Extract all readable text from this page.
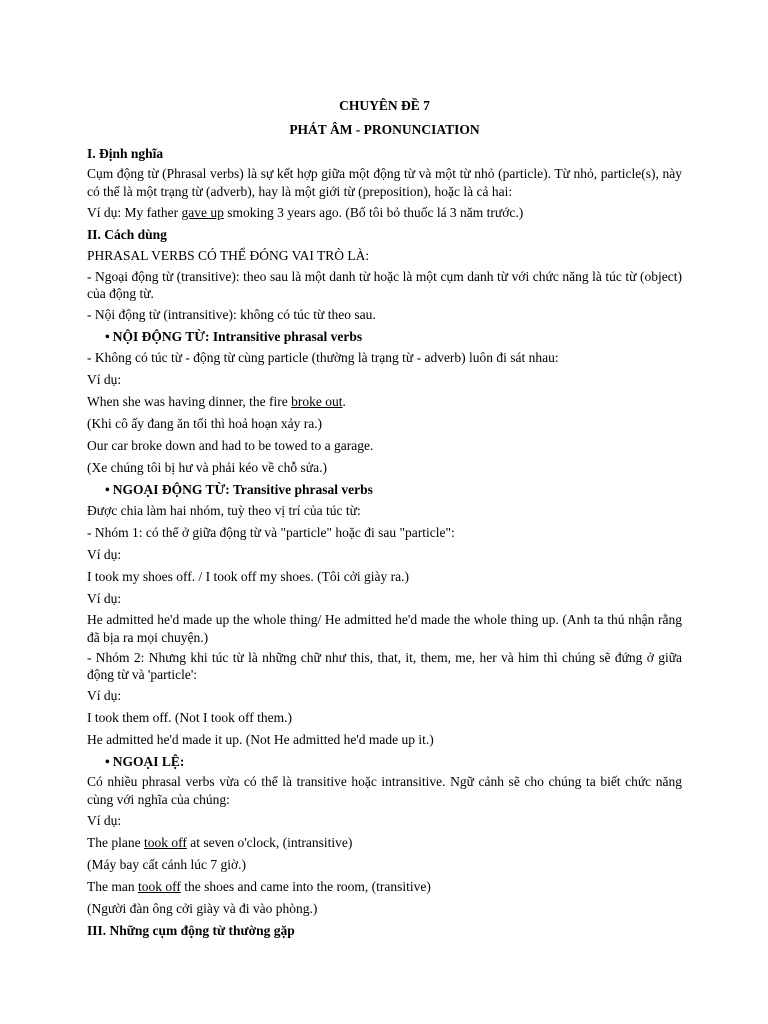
CHUYÊN ĐỀ 7

PHÁT ÂM - PRONUNCIATION

I. Định nghĩa

Cụm động từ (Phrasal verbs) là sự kết hợp giữa một động từ và một từ nhỏ (particle). Từ nhỏ, particle(s), này có thể là một trạng từ (adverb), hay là một giới từ (preposition), hoặc là cả hai:

Ví dụ: My father gave up smoking 3 years ago. (Bố tôi bỏ thuốc lá 3 năm trước.)

II. Cách dùng

PHRASAL VERBS CÓ THỂ ĐÓNG VAI TRÒ LÀ:

- Ngoại động từ (transitive): theo sau là một danh từ hoặc là một cụm danh từ với chức năng là túc từ (object) của động từ.

- Nội động từ (intransitive): không có túc từ theo sau.

• NỘI ĐỘNG TỪ: Intransitive phrasal verbs

- Không có túc từ - động từ cùng particle (thường là trạng từ - adverb) luôn đi sát nhau:

Ví dụ:

When she was having dinner, the fire broke out.

(Khi cô ấy đang ăn tối thì hoả hoạn xảy ra.)

Our car broke down and had to be towed to a garage.

(Xe chúng tôi bị hư và phải kéo về chỗ sửa.)

• NGOẠI ĐỘNG TỪ: Transitive phrasal verbs

Được chia làm hai nhóm, tuỳ theo vị trí của túc từ:

- Nhóm 1: có thể ở giữa động từ và "particle" hoặc đi sau "particle":

Ví dụ:

I took my shoes off. / I took off my shoes. (Tôi cởi giày ra.)

Ví dụ:

He admitted he'd made up the whole thing/ He admitted he'd made the whole thing up. (Anh ta thú nhận rằng đã bịa ra mọi chuyện.)

- Nhóm 2: Nhưng khi túc từ là những chữ như this, that, it, them, me, her và him thì chúng sẽ đứng ở giữa động từ và 'particle':

Ví dụ:

I took them off. (Not I took off them.)

He admitted he'd made it up. (Not He admitted he'd made up it.)

• NGOẠI LỆ:

Có nhiều phrasal verbs vừa có thể là transitive hoặc intransitive. Ngữ cảnh sẽ cho chúng ta biết chức năng cùng với nghĩa của chúng:

Ví dụ:

The plane took off at seven o'clock, (intransitive)

(Máy bay cất cánh lúc 7 giờ.)

The man took off the shoes and came into the room, (transitive)

(Người đàn ông cởi giày và đi vào phòng.)

III. Những cụm động từ thường gặp
